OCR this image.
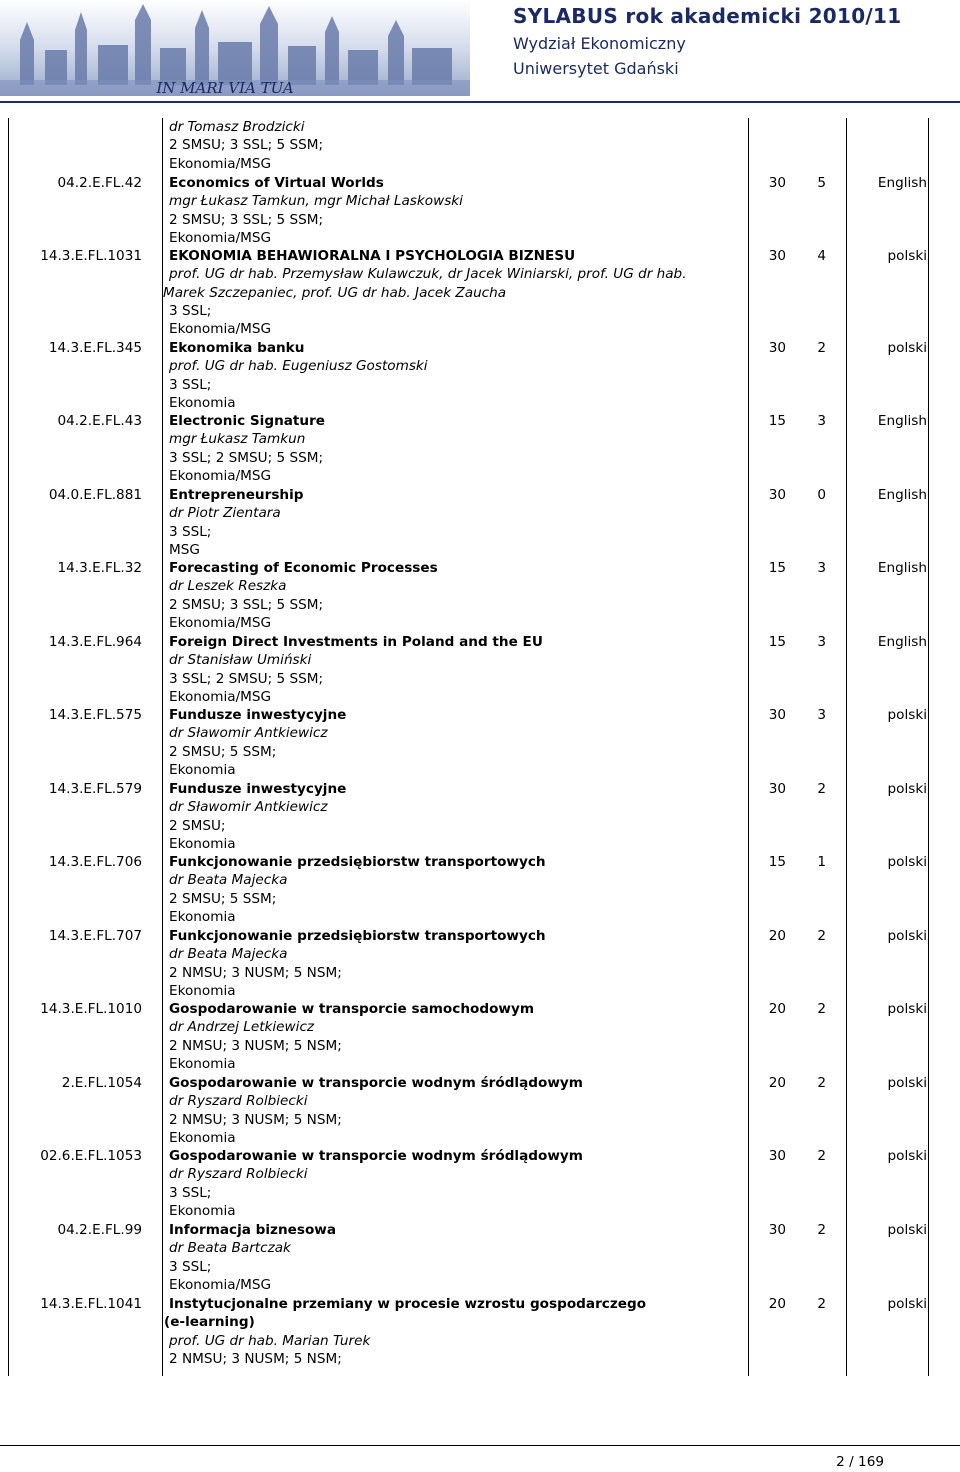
IN MARI VIA TUA
SYLABUS rok akademicki 2010/11
Wydział Ekonomiczny
Uniwersytet Gdański
dr Tomasz Brodzicki
2 SMSU; 3 SSL; 5 SSM;
Ekonomia/MSG
04.2.E.FL.42 Economics of Virtual Worlds
mgr Łukasz Tamkun, mgr Michał Laskowski
2 SMSU; 3 SSL; 5 SSM;
Ekonomia/MSG
30	5	English
14.3.E.FL.1031 EKONOMIA BEHAWIORALNA I PSYCHOLOGIA BIZNESU
prof. UG dr hab. Przemysław Kulawczuk, dr Jacek Winiarski, prof. UG dr hab.
Marek Szczepaniec, prof. UG dr hab. Jacek Zaucha
3 SSL;
Ekonomia/MSG
30	4	polski
14.3.E.FL.345 Ekonomika banku
prof. UG dr hab. Eugeniusz Gostomski
3 SSL;
Ekonomia
30	2	polski
04.2.E.FL.43 Electronic Signature
mgr Łukasz Tamkun
3 SSL; 2 SMSU; 5 SSM;
Ekonomia/MSG
15	3	English
04.0.E.FL.881 Entrepreneurship
dr Piotr Zientara
3 SSL;
MSG
30	0	English
14.3.E.FL.32 Forecasting of Economic Processes
dr Leszek Reszka
2 SMSU; 3 SSL; 5 SSM;
Ekonomia/MSG
15	3	English
14.3.E.FL.964 Foreign Direct Investments in Poland and the EU
dr Stanisław Umiński
3 SSL; 2 SMSU; 5 SSM;
Ekonomia/MSG
15	3	English
14.3.E.FL.575 Fundusze inwestycyjne
dr Sławomir Antkiewicz
2 SMSU; 5 SSM;
Ekonomia
30	3	polski
14.3.E.FL.579 Fundusze inwestycyjne
dr Sławomir Antkiewicz
2 SMSU;
Ekonomia
30	2	polski
14.3.E.FL.706 Funkcjonowanie przedsiębiorstw transportowych
dr Beata Majecka
2 SMSU; 5 SSM;
Ekonomia
15	1	polski
14.3.E.FL.707 Funkcjonowanie przedsiębiorstw transportowych
dr Beata Majecka
2 NMSU; 3 NUSM; 5 NSM;
Ekonomia
20	2	polski
14.3.E.FL.1010 Gospodarowanie w transporcie samochodowym
dr Andrzej Letkiewicz
2 NMSU; 3 NUSM; 5 NSM;
Ekonomia
20	2	polski
2.E.FL.1054 Gospodarowanie w transporcie wodnym śródlądowym
dr Ryszard Rolbiecki
2 NMSU; 3 NUSM; 5 NSM;
Ekonomia
20	2	polski
02.6.E.FL.1053 Gospodarowanie w transporcie wodnym śródlądowym
dr Ryszard Rolbiecki
3 SSL;
Ekonomia
30	2	polski
04.2.E.FL.99 Informacja biznesowa
dr Beata Bartczak
3 SSL;
Ekonomia/MSG
30	2	polski
14.3.E.FL.1041 Instytucjonalne przemiany w procesie wzrostu gospodarczego
(e-learning)
prof. UG dr hab. Marian Turek
2 NMSU; 3 NUSM; 5 NSM;
20	2	polski
2 / 169
